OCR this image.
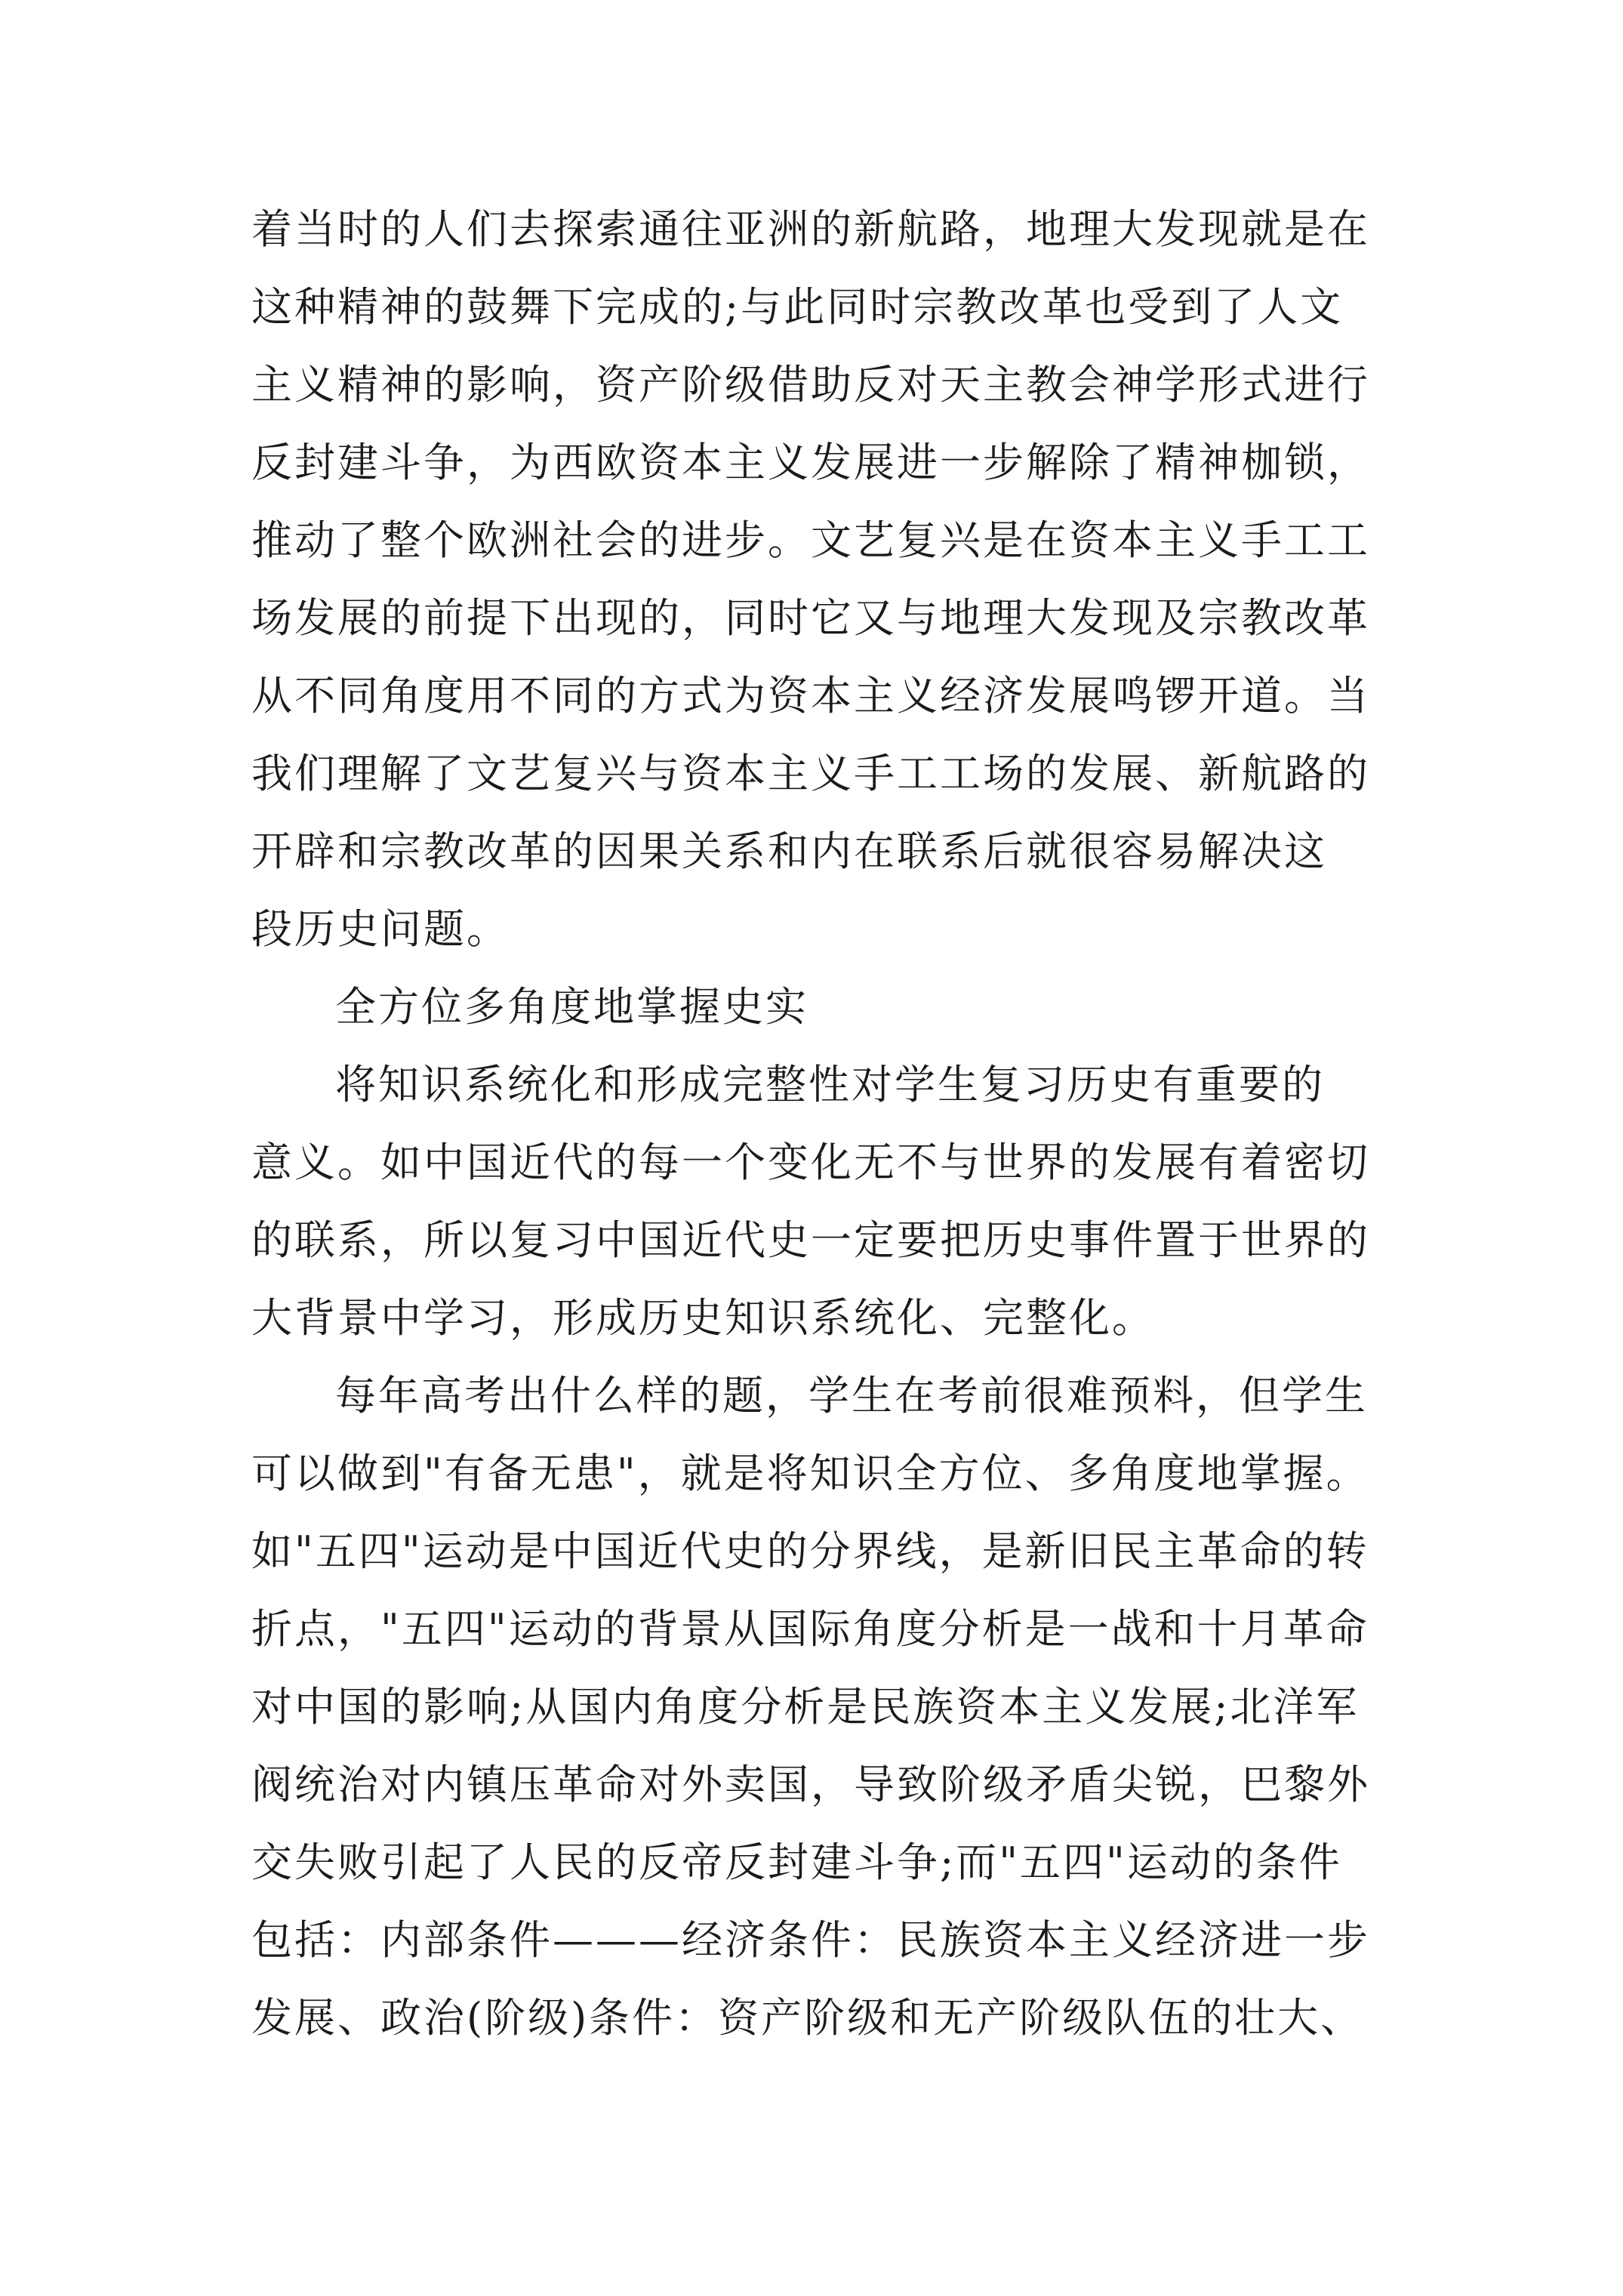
着当时的人们去探索通往亚洲的新航路，地理大发现就是在
这种精神的鼓舞下完成的;与此同时宗教改革也受到了人文
主义精神的影响，资产阶级借助反对天主教会神学形式进行
反封建斗争，为西欧资本主义发展进一步解除了精神枷锁，
推动了整个欧洲社会的进步。文艺复兴是在资本主义手工工
场发展的前提下出现的，同时它又与地理大发现及宗教改革
从不同角度用不同的方式为资本主义经济发展鸣锣开道。当
我们理解了文艺复兴与资本主义手工工场的发展、新航路的
开辟和宗教改革的因果关系和内在联系后就很容易解决这
段历史问题。
全方位多角度地掌握史实
将知识系统化和形成完整性对学生复习历史有重要的
意义。如中国近代的每一个变化无不与世界的发展有着密切
的联系，所以复习中国近代史一定要把历史事件置于世界的
大背景中学习，形成历史知识系统化、完整化。
每年高考出什么样的题，学生在考前很难预料，但学生
可以做到"有备无患"，就是将知识全方位、多角度地掌握。
如"五四"运动是中国近代史的分界线，是新旧民主革命的转
折点，"五四"运动的背景从国际角度分析是一战和十月革命
对中国的影响;从国内角度分析是民族资本主义发展;北洋军
阀统治对内镇压革命对外卖国，导致阶级矛盾尖锐，巴黎外
交失败引起了人民的反帝反封建斗争;而"五四"运动的条件
包括：内部条件———经济条件：民族资本主义经济进一步
发展、政治(阶级)条件：资产阶级和无产阶级队伍的壮大、
